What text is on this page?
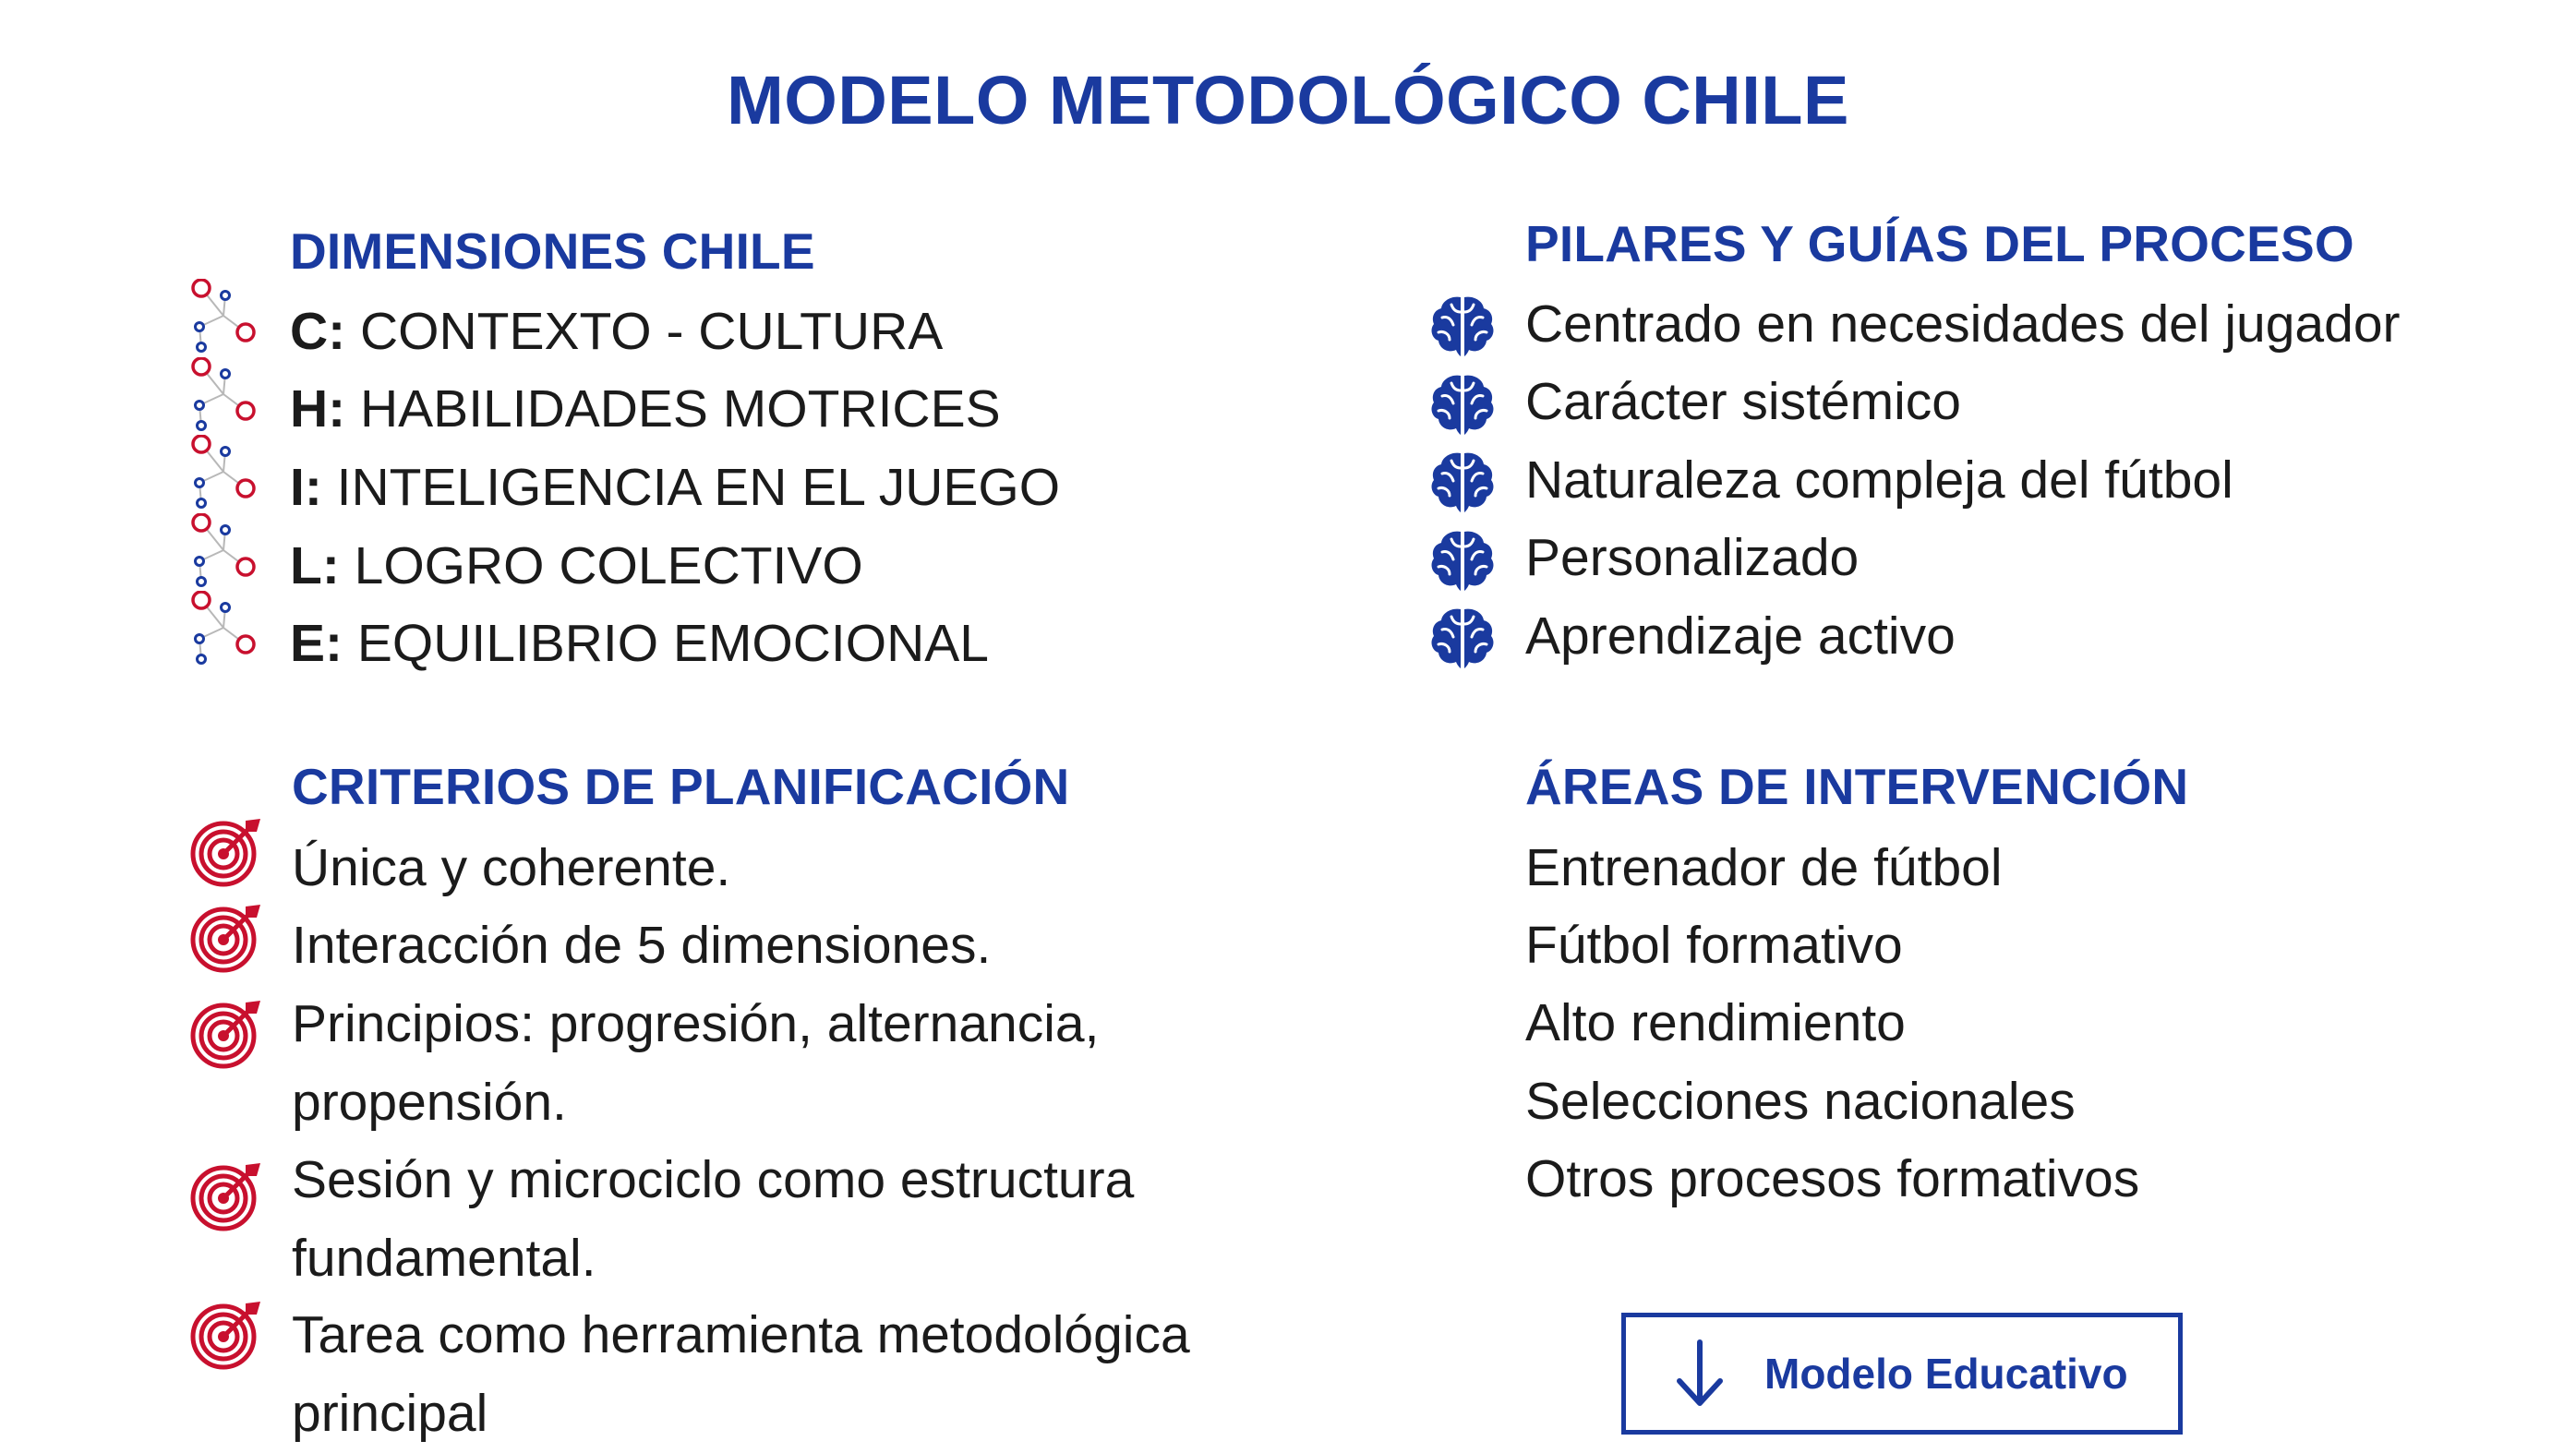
MODELO METODOLÓGICO CHILE
DIMENSIONES CHILE
C: CONTEXTO - CULTURA
H: HABILIDADES MOTRICES
I: INTELIGENCIA EN EL JUEGO
L: LOGRO COLECTIVO
E: EQUILIBRIO EMOCIONAL
PILARES Y GUÍAS DEL PROCESO
Centrado en necesidades del jugador
Carácter sistémico
Naturaleza compleja del fútbol
Personalizado
Aprendizaje activo
CRITERIOS DE PLANIFICACIÓN
Única y coherente.
Interacción de 5 dimensiones.
Principios: progresión, alternancia, propensión.
Sesión y microciclo como estructura fundamental.
Tarea como herramienta metodológica principal
ÁREAS DE INTERVENCIÓN
Entrenador de fútbol
Fútbol formativo
Alto rendimiento
Selecciones nacionales
Otros procesos formativos
Modelo Educativo
